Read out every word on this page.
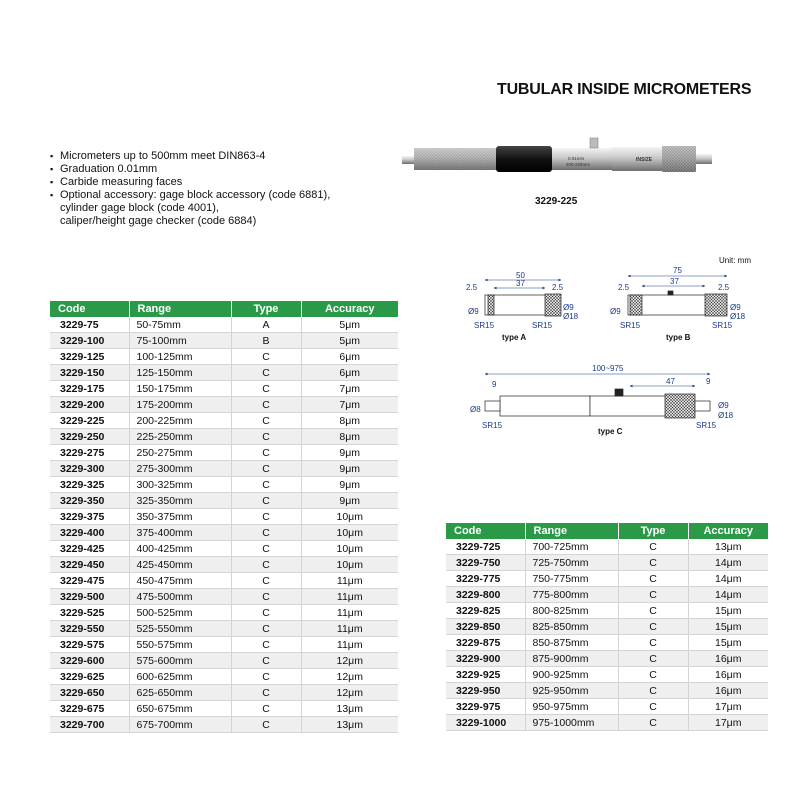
TUBULAR INSIDE MICROMETERS
▪ Micrometers up to 500mm meet DIN863-4
▪ Graduation 0.01mm
▪ Carbide measuring faces
▪ Optional accessory: gage block accessory (code 6881),
cylinder gage block (code 4001),
caliper/height gage checker (code 6884)
0.01mm
200-225mm
INSIZE
3229-225
Unit: mm
50
37
2.5	2.5
Ø9	Ø9
Ø18
SR15	SR15
75
37
2.5	2.5
Ø9	Ø9
Ø18
SR15	SR15
100~975
9	47	9
Ø8	Ø9
Ø18
SR15	SR15
type A	type B
type C
Code	Range	Type	Accuracy
3229-75	50-75mm	A	5μm
3229-100	75-100mm	B	5μm
3229-125	100-125mm	C	6μm
3229-150	125-150mm	C	6μm
3229-175	150-175mm	C	7μm
3229-200	175-200mm	C	7μm
3229-225	200-225mm	C	8μm
3229-250	225-250mm	C	8μm
3229-275	250-275mm	C	9μm
3229-300	275-300mm	C	9μm
3229-325	300-325mm	C	9μm
3229-350	325-350mm	C	9μm
3229-375	350-375mm	C	10μm
3229-400	375-400mm	C	10μm
3229-425	400-425mm	C	10μm
3229-450	425-450mm	C	10μm
3229-475	450-475mm	C	11μm
3229-500	475-500mm	C	11μm
3229-525	500-525mm	C	11μm
3229-550	525-550mm	C	11μm
3229-575	550-575mm	C	11μm
3229-600	575-600mm	C	12μm
3229-625	600-625mm	C	12μm
3229-650	625-650mm	C	12μm
3229-675	650-675mm	C	13μm
3229-700	675-700mm	C	13μm
Code	Range	Type	Accuracy
3229-725	700-725mm	C	13μm
3229-750	725-750mm	C	14μm
3229-775	750-775mm	C	14μm
3229-800	775-800mm	C	14μm
3229-825	800-825mm	C	15μm
3229-850	825-850mm	C	15μm
3229-875	850-875mm	C	15μm
3229-900	875-900mm	C	16μm
3229-925	900-925mm	C	16μm
3229-950	925-950mm	C	16μm
3229-975	950-975mm	C	17μm
3229-1000	975-1000mm	C	17μm
